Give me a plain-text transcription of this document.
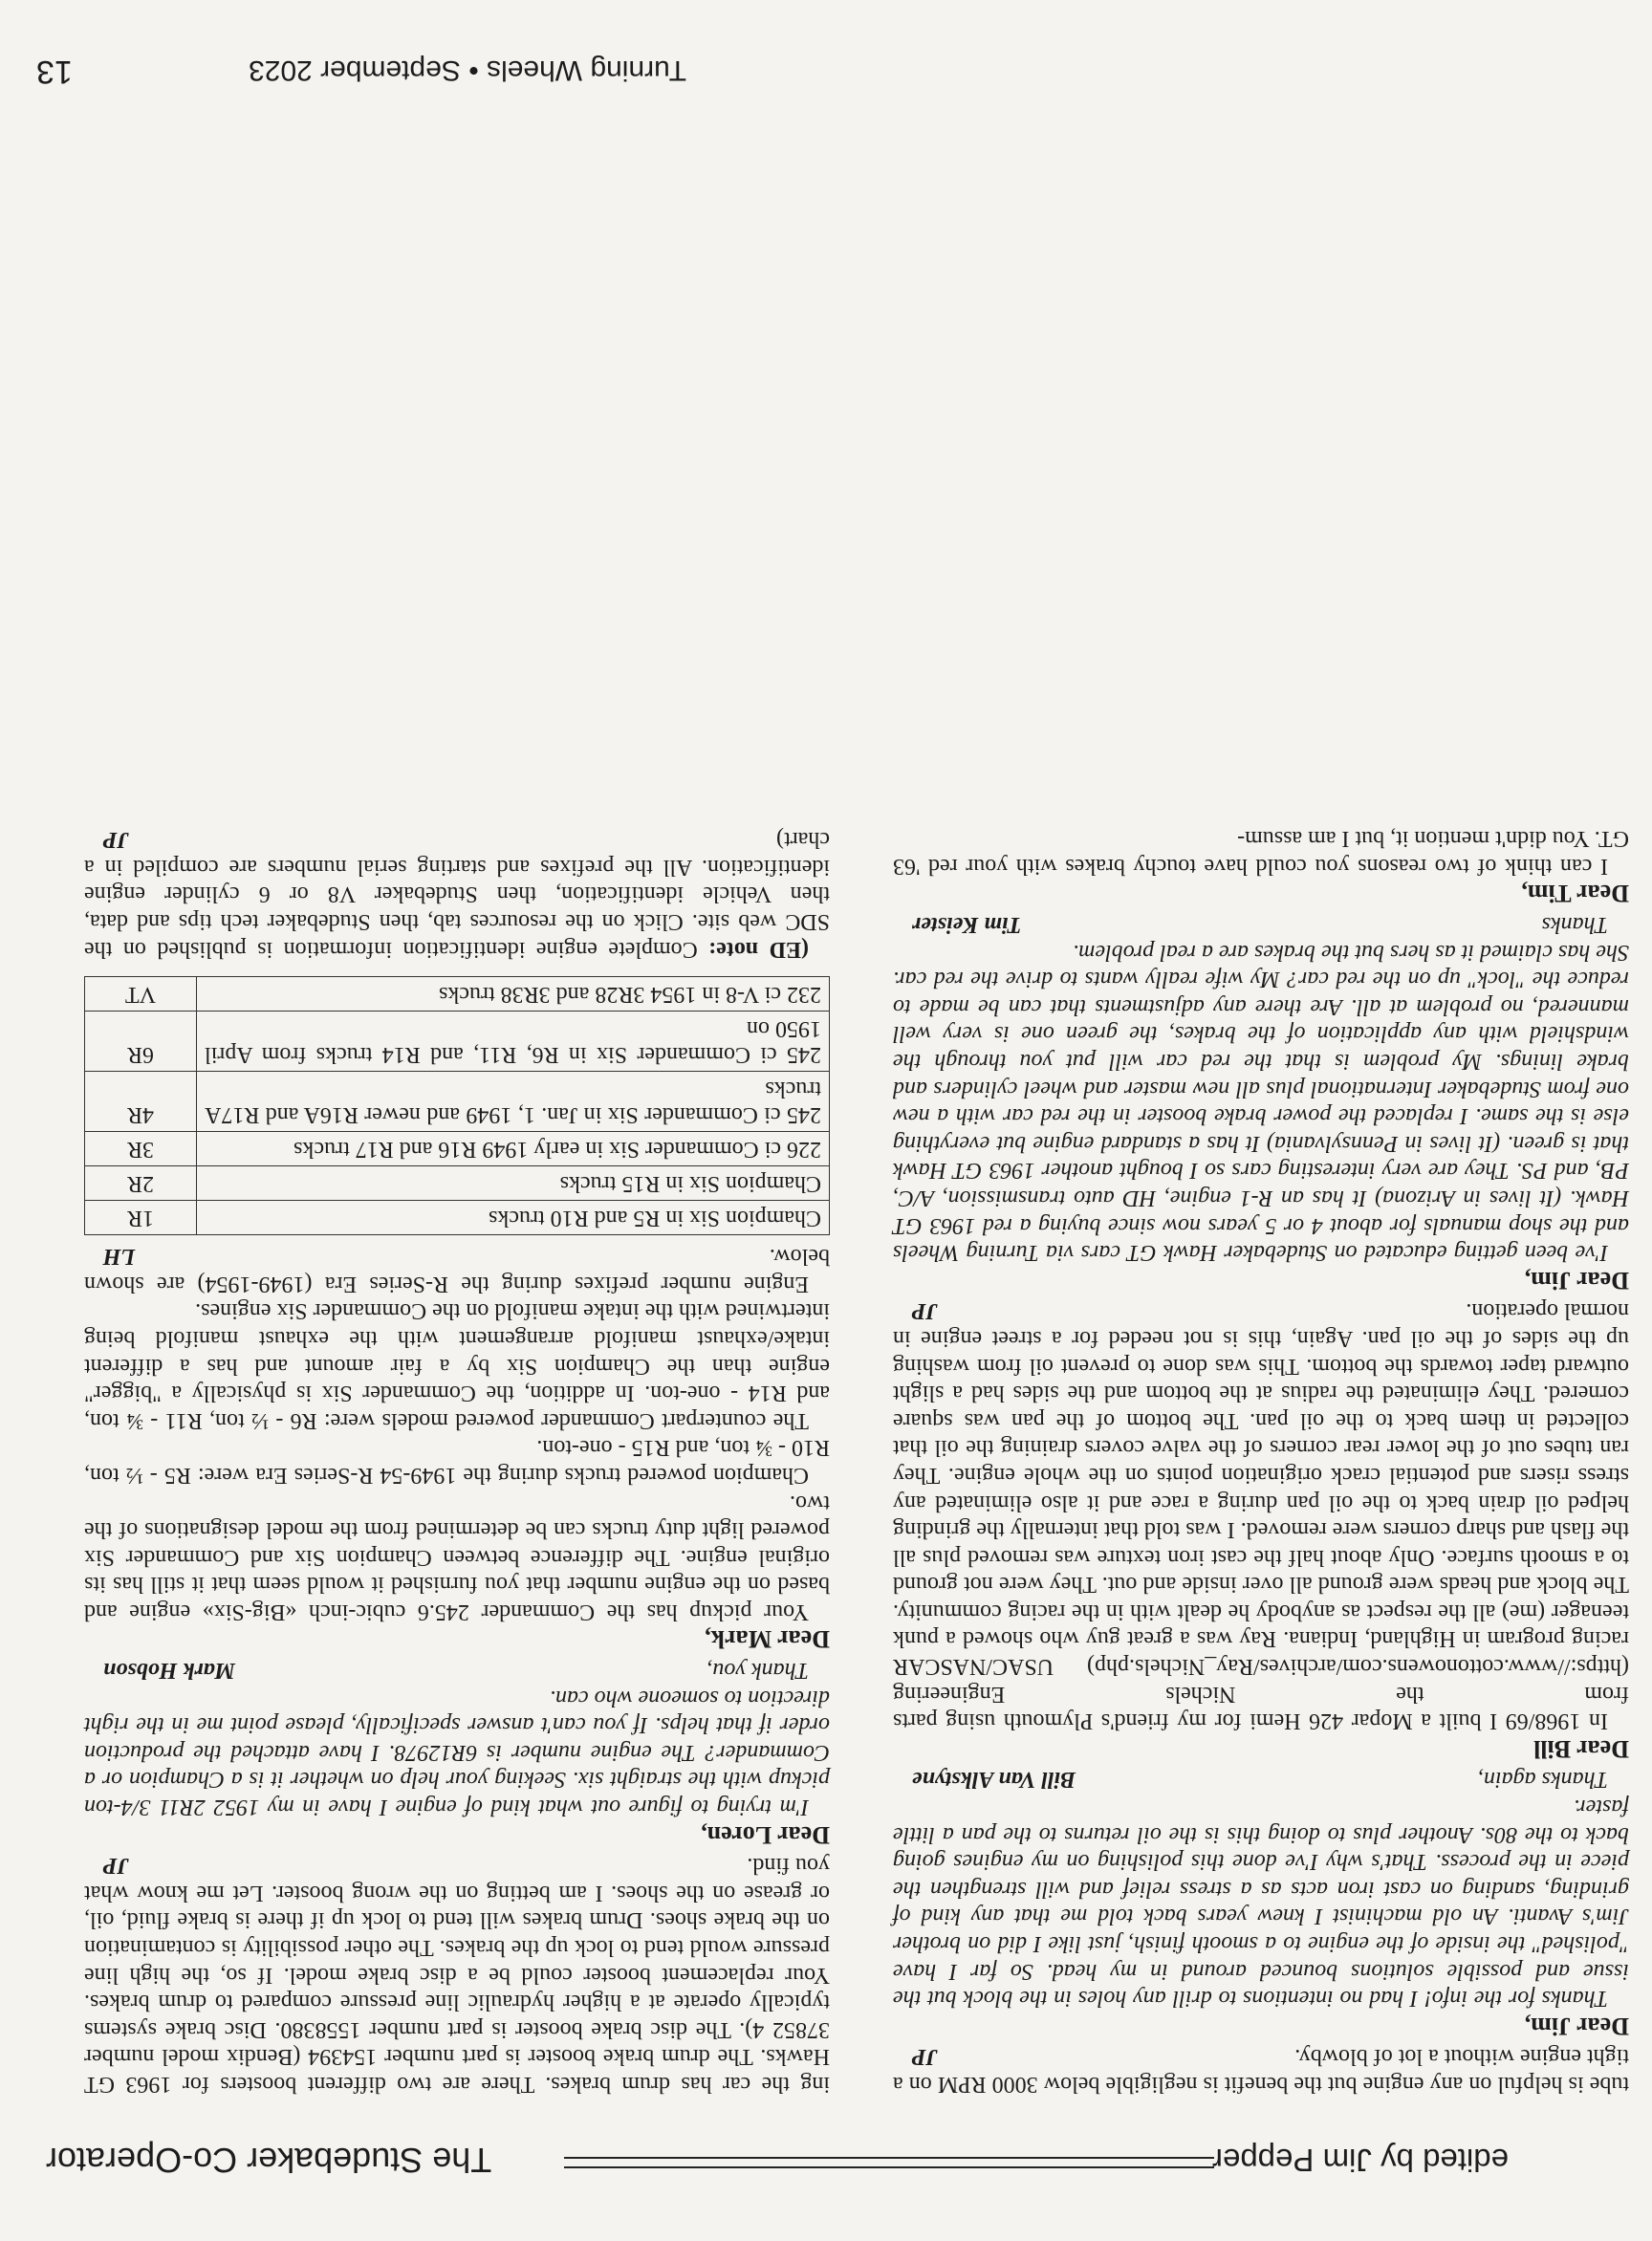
edited by Jim Pepper
The Studebaker Co-Operator

tube is helpful on any engine but the benefit is negligible below 3000 RPM on a tight engine without a lot of blowby.
JP

Dear Jim,

Thanks for the info! I had no intentions to drill any holes in the block but the issue and possible solutions bounced around in my head. So far I have "polished" the inside of the engine to a smooth finish, just like I did on brother Jim's Avanti. An old machinist I knew years back told me that any kind of grinding, sanding on cast iron acts as a stress relief and will strengthen the piece in the process. That's why I've done this polishing on my engines going back to the 80s. Another plus to doing this is the oil returns to the pan a little faster.

Thanks again,
Bill Van Alkstyne

Dear Bill

In 1968/69 I built a Mopar 426 Hemi for my friend's Plymouth using parts from the Nichels Engineering (https://www.cottonowens.com/archives/Ray_Nichels.php) USAC/NASCAR racing program in Highland, Indiana. Ray was a great guy who showed a punk teenager (me) all the respect as anybody he dealt with in the racing community. The block and heads were ground all over inside and out. They were not ground to a smooth surface. Only about half the cast iron texture was removed plus all the flash and sharp corners were removed. I was told that internally the grinding helped oil drain back to the oil pan during a race and it also eliminated any stress risers and potential crack origination points on the whole engine. They ran tubes out of the lower rear corners of the valve covers draining the oil that collected in them back to the oil pan. The bottom of the pan was square cornered. They eliminated the radius at the bottom and the sides had a slight outward taper towards the bottom. This was done to prevent oil from washing up the sides of the oil pan. Again, this is not needed for a street engine in normal operation.
JP

Dear Jim,

I've been getting educated on Studebaker Hawk GT cars via Turning Wheels and the shop manuals for about 4 or 5 years now since buying a red 1963 GT Hawk. (It lives in Arizona) It has an R-1 engine, HD auto transmission, A/C, PB, and PS. They are very interesting cars so I bought another 1963 GT Hawk that is green. (It lives in Pennsylvania) It has a standard engine but everything else is the same. I replaced the power brake booster in the red car with a new one from Studebaker International plus all new master and wheel cylinders and brake linings. My problem is that the red car will put you through the windshield with any application of the brakes, the green one is very well mannered, no problem at all. Are there any adjustments that can be made to reduce the "lock" up on the red car? My wife really wants to drive the red car. She has claimed it as hers but the brakes are a real problem.

Thanks
Tim Keister

Dear Tim,

I can think of two reasons you could have touchy brakes with your red '63 GT. You didn't mention it, but I am assum-

ing the car has drum brakes. There are two different boosters for 1963 GT Hawks. The drum brake booster is part number 154394 (Bendix model number 37852 4). The disc brake booster is part number 1558380. Disc brake systems typically operate at a higher hydraulic line pressure compared to drum brakes. Your replacement booster could be a disc brake model. If so, the high line pressure would tend to lock up the brakes. The other possibility is contamination on the brake shoes. Drum brakes will tend to lock up if there is brake fluid, oil, or grease on the shoes. I am betting on the wrong booster. Let me know what you find.
JP

Dear Loren,

I'm trying to figure out what kind of engine I have in my 1952 2R11 3/4-ton pickup with the straight six. Seeking your help on whether it is a Champion or a Commander? The engine number is 6R12978. I have attached the production order if that helps. If you can't answer specifically, please point me in the right direction to someone who can.

Thank you,
Mark Hobson

Dear Mark,

Your pickup has the Commander 245.6 cubic-inch «Big-Six» engine and based on the engine number that you furnished it would seem that it still has its original engine. The difference between Champion Six and Commander Six powered light duty trucks can be determined from the model designations of the two.

Champion powered trucks during the 1949-54 R-Series Era were: R5 - ½ ton, R10 - ¾ ton, and R15 - one-ton.

The counterpart Commander powered models were: R6 - ½ ton, R11 - ¾ ton, and R14 - one-ton. In addition, the Commander Six is physically a "bigger" engine than the Champion Six by a fair amount and has a different intake/exhaust manifold arrangement with the exhaust manifold being intertwined with the intake manifold on the Commander Six engines.

Engine number prefixes during the R-Series Era (1949-1954) are shown below.
LH

Champion Six in R5 and R10 trucks	1R
Champion Six in R15 trucks	2R
226 ci Commander Six in early 1949 R16 and R17 trucks	3R
245 ci Commander Six in Jan. 1, 1949 and newer R16A and R17A trucks	4R
245 ci Commander Six in R6, R11, and R14 trucks from April 1950 on	6R
232 ci V-8 in 1954 3R28 and 3R38 trucks	VT

(ED note: Complete engine identification information is published on the SDC web site. Click on the resources tab, then Studebaker tech tips and data, then Vehicle identification, then Studebaker V8 or 6 cylinder engine identification. All the prefixes and starting serial numbers are compiled in a chart)
JP

Turning Wheels • September 2023
13
